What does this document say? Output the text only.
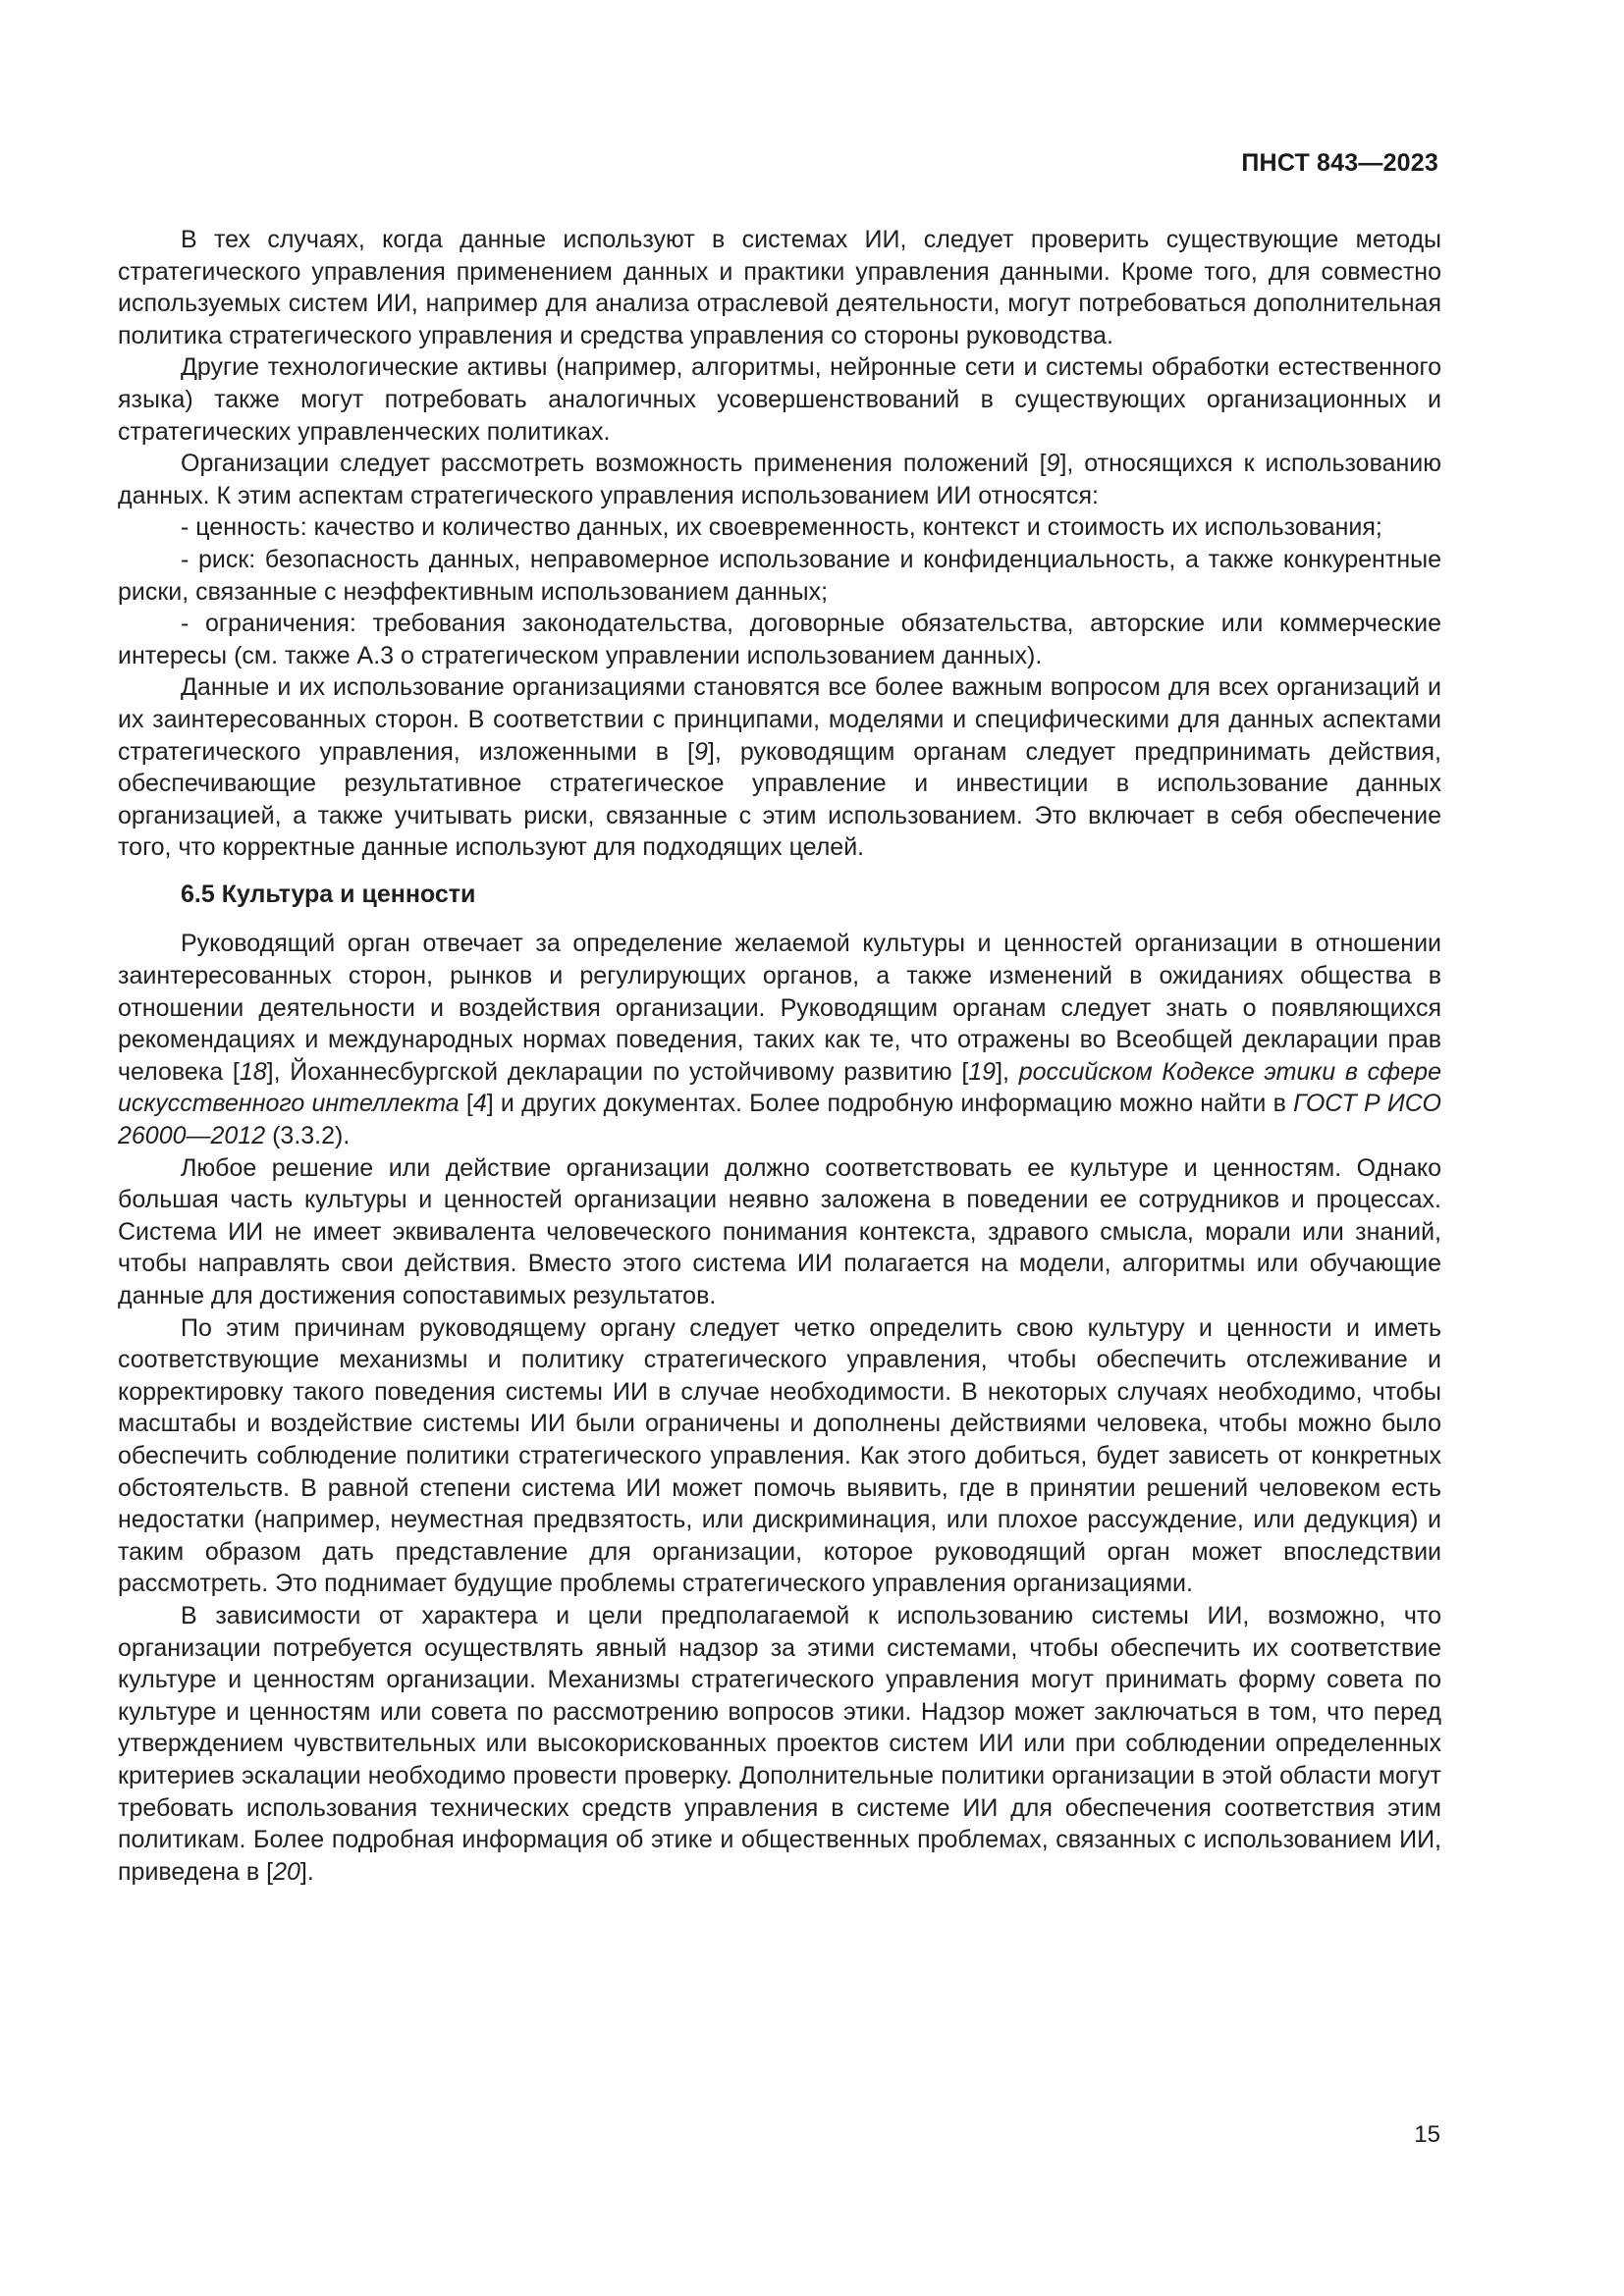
ПНСТ 843—2023

В тех случаях, когда данные используют в системах ИИ, следует проверить существующие методы стратегического управления применением данных и практики управления данными. Кроме того, для совместно используемых систем ИИ, например для анализа отраслевой деятельности, могут потребоваться дополнительная политика стратегического управления и средства управления со стороны руководства.

Другие технологические активы (например, алгоритмы, нейронные сети и системы обработки естественного языка) также могут потребовать аналогичных усовершенствований в существующих организационных и стратегических управленческих политиках.

Организации следует рассмотреть возможность применения положений [9], относящихся к использованию данных. К этим аспектам стратегического управления использованием ИИ относятся:

- ценность: качество и количество данных, их своевременность, контекст и стоимость их использования;

- риск: безопасность данных, неправомерное использование и конфиденциальность, а также конкурентные риски, связанные с неэффективным использованием данных;

- ограничения: требования законодательства, договорные обязательства, авторские или коммерческие интересы (см. также А.3 о стратегическом управлении использованием данных).

Данные и их использование организациями становятся все более важным вопросом для всех организаций и их заинтересованных сторон. В соответствии с принципами, моделями и специфическими для данных аспектами стратегического управления, изложенными в [9], руководящим органам следует предпринимать действия, обеспечивающие результативное стратегическое управление и инвестиции в использование данных организацией, а также учитывать риски, связанные с этим использованием. Это включает в себя обеспечение того, что корректные данные используют для подходящих целей.

6.5 Культура и ценности

Руководящий орган отвечает за определение желаемой культуры и ценностей организации в отношении заинтересованных сторон, рынков и регулирующих органов, а также изменений в ожиданиях общества в отношении деятельности и воздействия организации. Руководящим органам следует знать о появляющихся рекомендациях и международных нормах поведения, таких как те, что отражены во Всеобщей декларации прав человека [18], Йоханнесбургской декларации по устойчивому развитию [19], российском Кодексе этики в сфере искусственного интеллекта [4] и других документах. Более подробную информацию можно найти в ГОСТ Р ИСО 26000—2012 (3.3.2).

Любое решение или действие организации должно соответствовать ее культуре и ценностям. Однако большая часть культуры и ценностей организации неявно заложена в поведении ее сотрудников и процессах. Система ИИ не имеет эквивалента человеческого понимания контекста, здравого смысла, морали или знаний, чтобы направлять свои действия. Вместо этого система ИИ полагается на модели, алгоритмы или обучающие данные для достижения сопоставимых результатов.

По этим причинам руководящему органу следует четко определить свою культуру и ценности и иметь соответствующие механизмы и политику стратегического управления, чтобы обеспечить отслеживание и корректировку такого поведения системы ИИ в случае необходимости. В некоторых случаях необходимо, чтобы масштабы и воздействие системы ИИ были ограничены и дополнены действиями человека, чтобы можно было обеспечить соблюдение политики стратегического управления. Как этого добиться, будет зависеть от конкретных обстоятельств. В равной степени система ИИ может помочь выявить, где в принятии решений человеком есть недостатки (например, неуместная предвзятость, или дискриминация, или плохое рассуждение, или дедукция) и таким образом дать представление для организации, которое руководящий орган может впоследствии рассмотреть. Это поднимает будущие проблемы стратегического управления организациями.

В зависимости от характера и цели предполагаемой к использованию системы ИИ, возможно, что организации потребуется осуществлять явный надзор за этими системами, чтобы обеспечить их соответствие культуре и ценностям организации. Механизмы стратегического управления могут принимать форму совета по культуре и ценностям или совета по рассмотрению вопросов этики. Надзор может заключаться в том, что перед утверждением чувствительных или высокорискованных проектов систем ИИ или при соблюдении определенных критериев эскалации необходимо провести проверку. Дополнительные политики организации в этой области могут требовать использования технических средств управления в системе ИИ для обеспечения соответствия этим политикам. Более подробная информация об этике и общественных проблемах, связанных с использованием ИИ, приведена в [20].

15
